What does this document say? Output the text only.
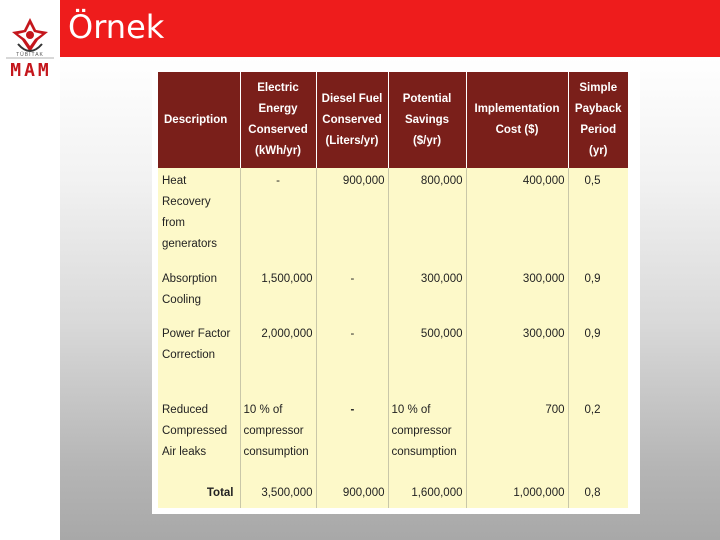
TÜBİTAK
MAM
Örnek
Description	Electric Energy Conserved (kWh/yr)	Diesel Fuel Conserved (Liters/yr)	Potential Savings ($/yr)	Implementation Cost ($)	Simple Payback Period (yr)
Heat Recovery from generators	-	900,000	800,000	400,000	0,5
Absorption Cooling	1,500,000	-	300,000	300,000	0,9
Power Factor Correction	2,000,000	-	500,000	300,000	0,9
Reduced Compressed Air leaks	10 % of compressor consumption	-	10 % of compressor consumption	700	0,2
Total	3,500,000	900,000	1,600,000	1,000,000	0,8
